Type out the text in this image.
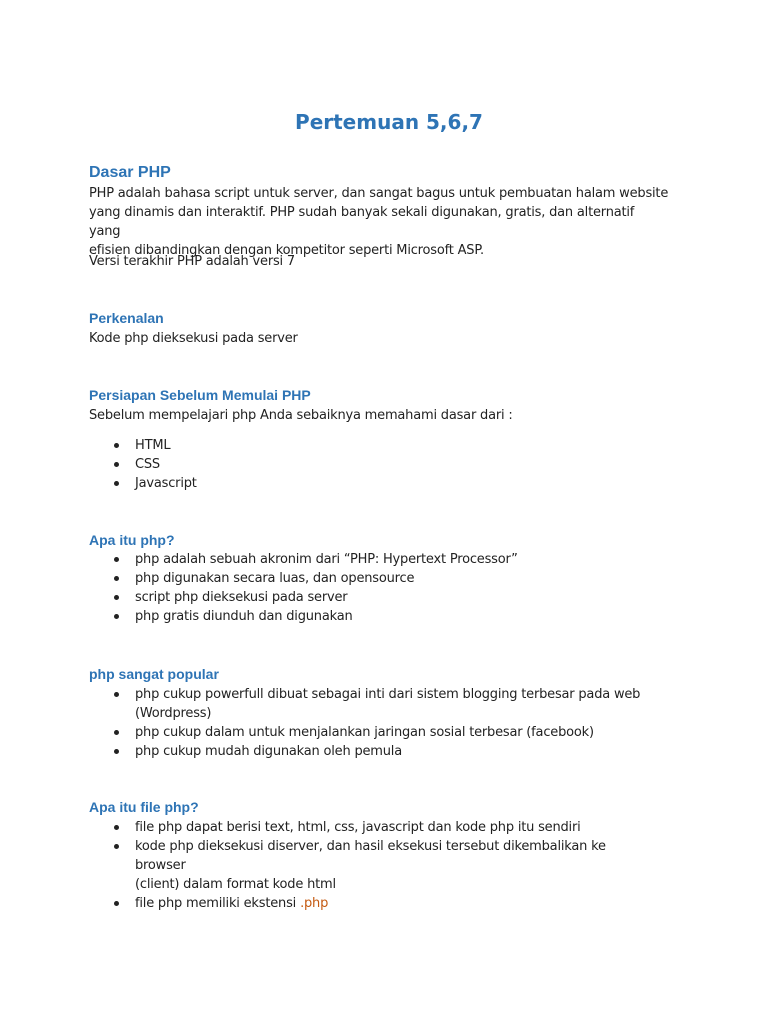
Pertemuan 5,6,7
Dasar PHP
PHP adalah bahasa script untuk server, dan sangat bagus untuk pembuatan halam website
yang dinamis dan interaktif. PHP sudah banyak sekali digunakan, gratis, dan alternatif yang
efisien dibandingkan dengan kompetitor seperti Microsoft ASP.

Versi terakhir PHP adalah versi 7

Perkenalan

Kode php dieksekusi pada server

Persiapan Sebelum Memulai PHP

Sebelum mempelajari php Anda sebaiknya memahami dasar dari :

HTML
CSS
Javascript
Apa itu php?
php adalah sebuah akronim dari “PHP: Hypertext Processor”
php digunakan secara luas, dan opensource
script php dieksekusi pada server
php gratis diunduh dan digunakan
php sangat popular
php cukup powerfull dibuat sebagai inti dari sistem blogging terbesar pada web
(Wordpress)
php cukup dalam untuk menjalankan jaringan sosial terbesar (facebook)
php cukup mudah digunakan oleh pemula
Apa itu file php?
file php dapat berisi text, html, css, javascript dan kode php itu sendiri
kode php dieksekusi diserver, dan hasil eksekusi tersebut dikembalikan ke browser
(client) dalam format kode html
file php memiliki ekstensi .php
